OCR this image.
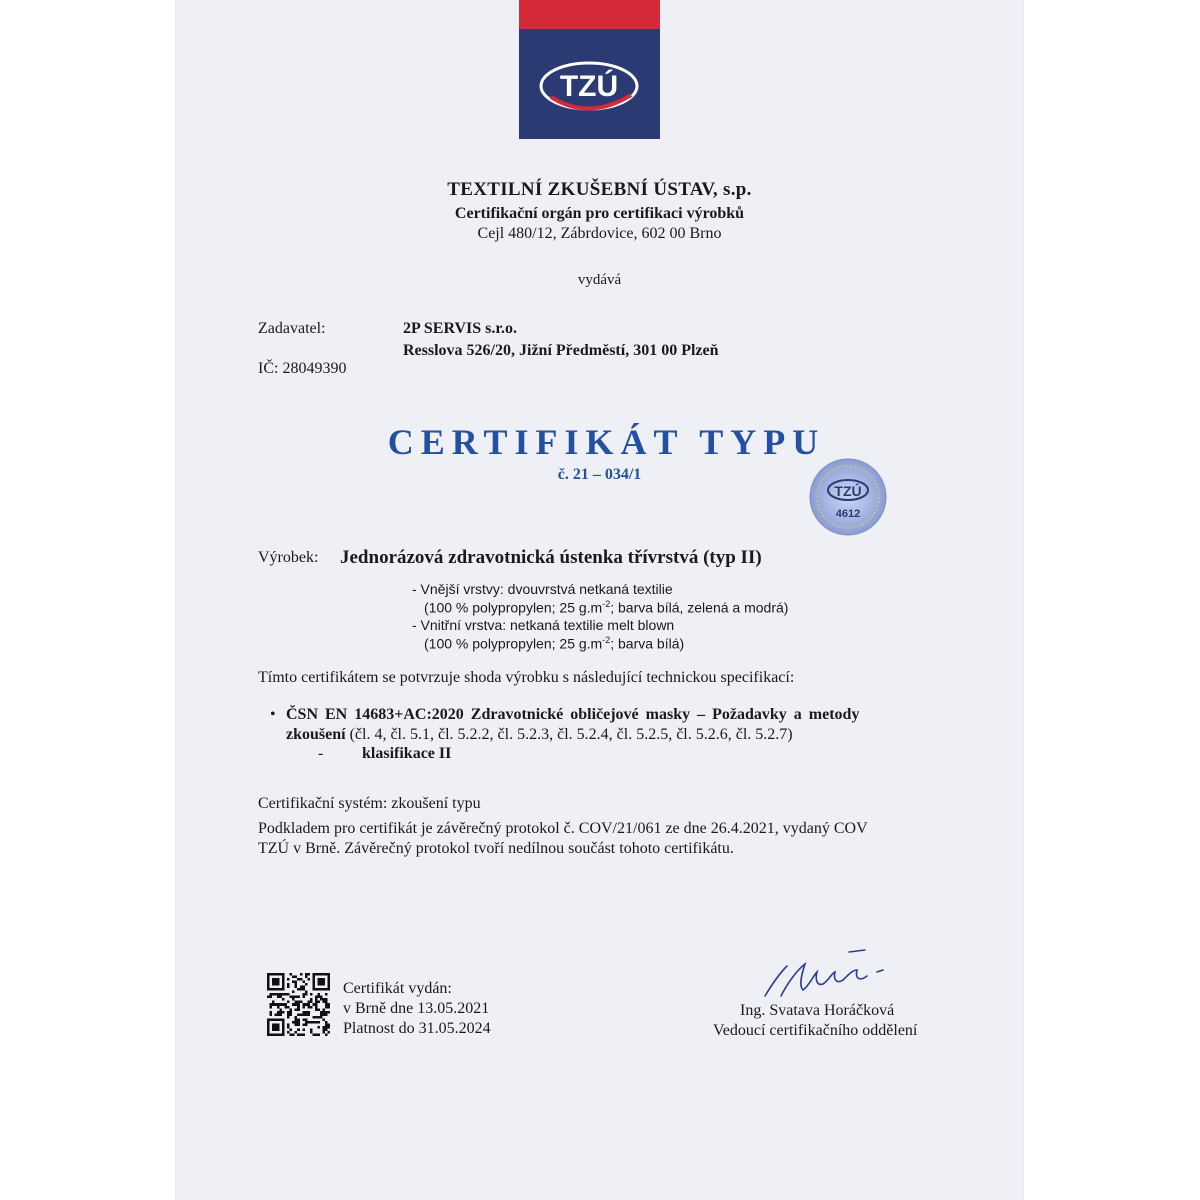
TZÚ
TEXTILNÍ ZKUŠEBNÍ ÚSTAV, s.p.
Certifikační orgán pro certifikaci výrobků
Cejl 480/12, Zábrdovice, 602 00 Brno
vydává
Zadavatel:	2P SERVIS s.r.o.
Resslova 526/20, Jižní Předměstí, 301 00 Plzeň
IČ: 28049390
CERTIFIKÁT TYPU
č. 21 – 034/1
TZÚ
4612
Výrobek: Jednorázová zdravotnická ústenka třívrstvá (typ II)
- Vnější vrstvy: dvouvrstvá netkaná textilie
(100 % polypropylen; 25 $g.m^{-2}$; barva bílá, zelená a modrá)
- Vnitřní vrstva: netkaná textilie melt blown
(100 % polypropylen; 25 $g.m^{-2}$; barva bílá)
Tímto certifikátem se potvrzuje shoda výrobku s následující technickou specifikací:
• ČSN EN 14683+AC:2020 Zdravotnické obličejové masky – Požadavky a metody
zkoušení (čl. 4, čl. 5.1, čl. 5.2.2, čl. 5.2.3, čl. 5.2.4, čl. 5.2.5, čl. 5.2.6, čl. 5.2.7)
- klasifikace II
Certifikační systém: zkoušení typu
Podkladem pro certifikát je závěrečný protokol č. COV/21/061 ze dne 26.4.2021, vydaný COV
TZÚ v Brně. Závěrečný protokol tvoří nedílnou součást tohoto certifikátu.
Certifikát vydán:
v Brně dne 13.05.2021
Platnost do 31.05.2024
Ing. Svatava Horáčková
Vedoucí certifikačního oddělení
